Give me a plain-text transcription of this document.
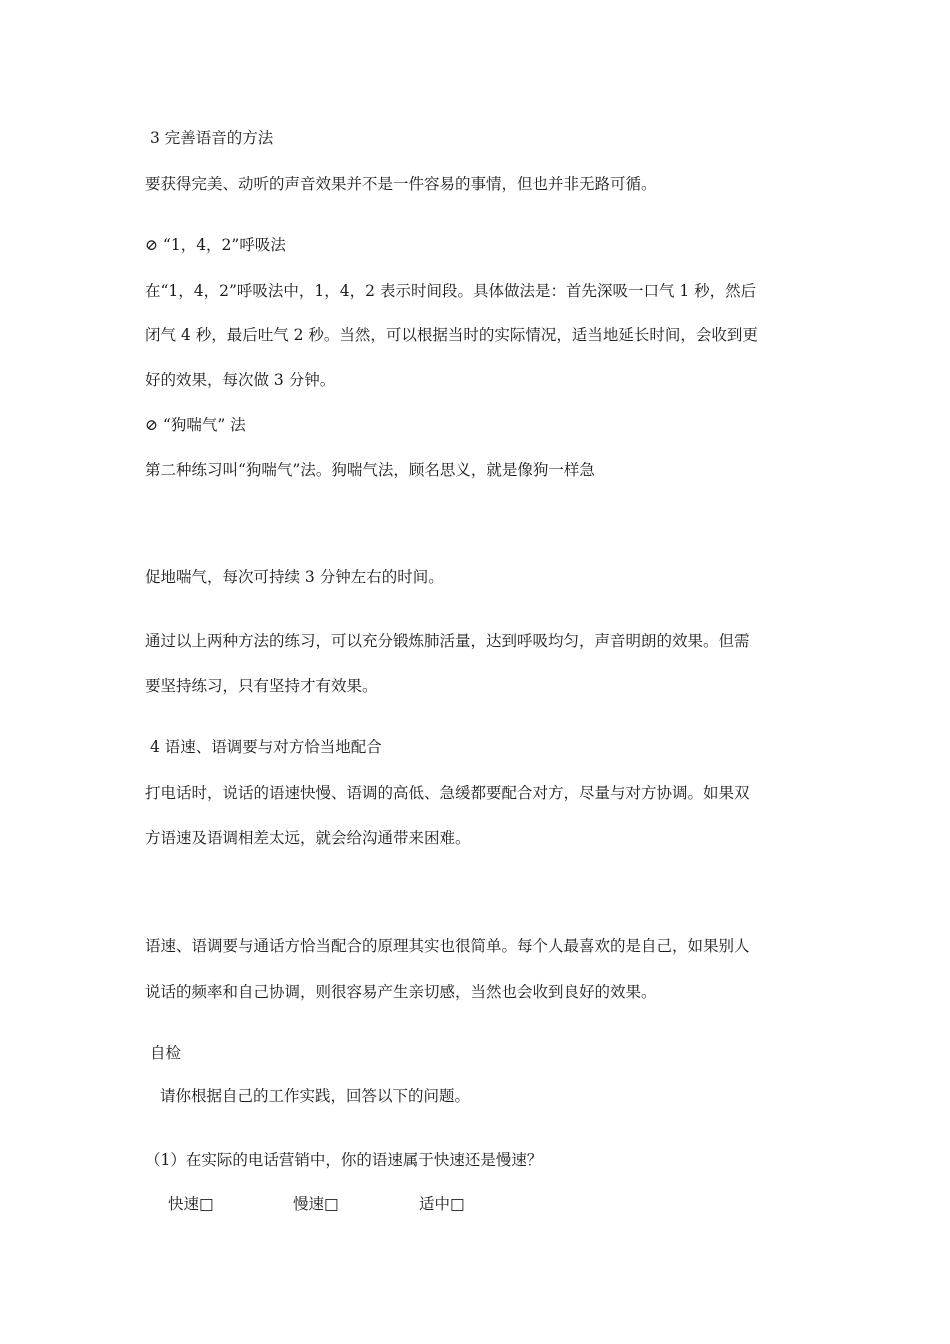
3 完善语音的方法
要获得完美、动听的声音效果并不是一件容易的事情，但也并非无路可循。
⊘ “1，4，2”呼吸法
在“1，4，2”呼吸法中，1，4，2 表示时间段。具体做法是：首先深吸一口气 1 秒，然后
闭气 4 秒，最后吐气 2 秒。当然，可以根据当时的实际情况，适当地延长时间，会收到更
好的效果，每次做 3 分钟。
⊘ “狗喘气” 法
第二种练习叫“狗喘气”法。狗喘气法，顾名思义，就是像狗一样急
促地喘气，每次可持续 3 分钟左右的时间。
通过以上两种方法的练习，可以充分锻炼肺活量，达到呼吸均匀，声音明朗的效果。但需
要坚持练习，只有坚持才有效果。
4 语速、语调要与对方恰当地配合
打电话时，说话的语速快慢、语调的高低、急缓都要配合对方，尽量与对方协调。如果双
方语速及语调相差太远，就会给沟通带来困难。
语速、语调要与通话方恰当配合的原理其实也很简单。每个人最喜欢的是自己，如果别人
说话的频率和自己协调，则很容易产生亲切感，当然也会收到良好的效果。
自检
请你根据自己的工作实践，回答以下的问题。
（1）在实际的电话营销中，你的语速属于快速还是慢速？
快速□	慢速□	适中□
